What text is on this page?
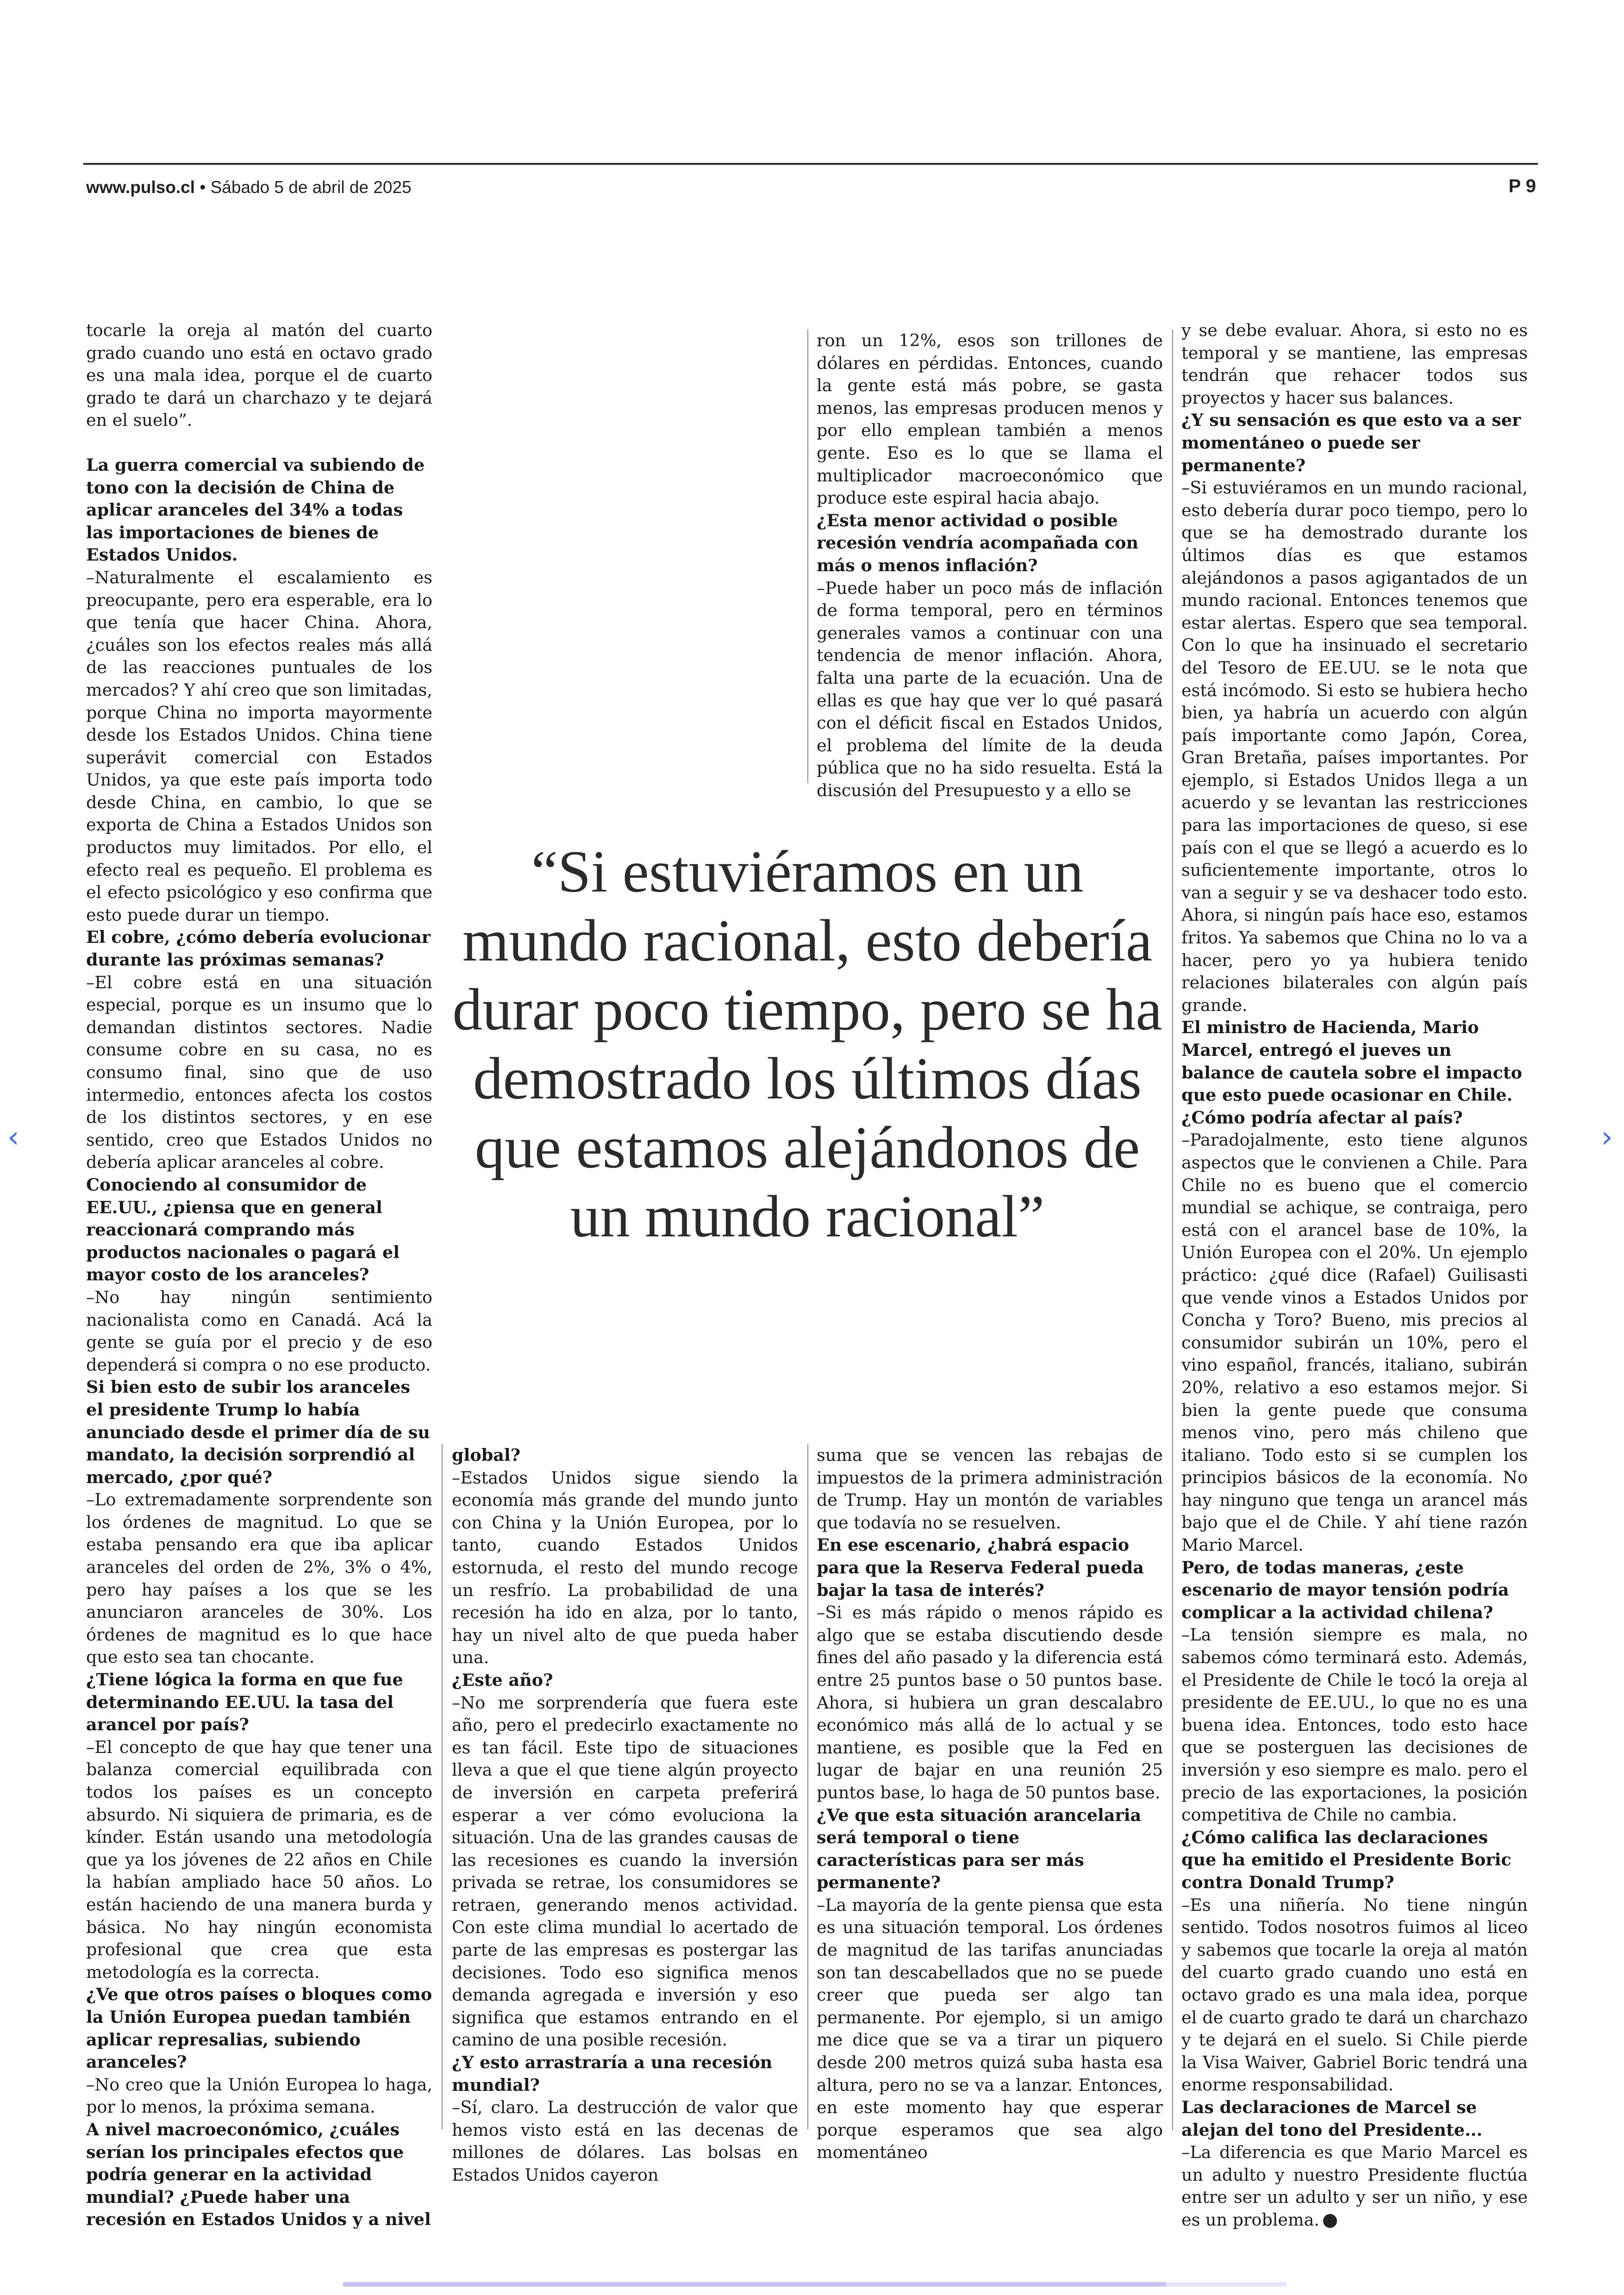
www.pulso.cl • Sábado 5 de abril de 2025	P 9

tocarle la oreja al matón del cuarto grado cuando uno está en octavo grado es una mala idea, porque el de cuarto grado te dará un charchazo y te dejará en el suelo”.

La guerra comercial va subiendo de tono con la decisión de China de aplicar aranceles del 34% a todas las importaciones de bienes de Estados Unidos.

–Naturalmente el escalamiento es preocupante, pero era esperable, era lo que tenía que hacer China. Ahora, ¿cuáles son los efectos reales más allá de las reacciones puntuales de los mercados? Y ahí creo que son limitadas, porque China no importa mayormente desde los Estados Unidos. China tiene superávit comercial con Estados Unidos, ya que este país importa todo desde China, en cambio, lo que se exporta de China a Estados Unidos son productos muy limitados. Por ello, el efecto real es pequeño. El problema es el efecto psicológico y eso confirma que esto puede durar un tiempo.

El cobre, ¿cómo debería evolucionar durante las próximas semanas?

–El cobre está en una situación especial, porque es un insumo que lo demandan distintos sectores. Nadie consume cobre en su casa, no es consumo final, sino que de uso intermedio, entonces afecta los costos de los distintos sectores, y en ese sentido, creo que Estados Unidos no debería aplicar aranceles al cobre.

Conociendo al consumidor de EE.UU., ¿piensa que en general reaccionará comprando más productos nacionales o pagará el mayor costo de los aranceles?

–No hay ningún sentimiento nacionalista como en Canadá. Acá la gente se guía por el precio y de eso dependerá si compra o no ese producto.

Si bien esto de subir los aranceles el presidente Trump lo había anunciado desde el primer día de su mandato, la decisión sorprendió al mercado, ¿por qué?

–Lo extremadamente sorprendente son los órdenes de magnitud. Lo que se estaba pensando era que iba aplicar aranceles del orden de 2%, 3% o 4%, pero hay países a los que se les anunciaron aranceles de 30%. Los órdenes de magnitud es lo que hace que esto sea tan chocante.

¿Tiene lógica la forma en que fue determinando EE.UU. la tasa del arancel por país?

–El concepto de que hay que tener una balanza comercial equilibrada con todos los países es un concepto absurdo. Ni siquiera de primaria, es de kínder. Están usando una metodología que ya los jóvenes de 22 años en Chile la habían ampliado hace 50 años. Lo están haciendo de una manera burda y básica. No hay ningún economista profesional que crea que esta metodología es la correcta.

¿Ve que otros países o bloques como la Unión Europea puedan también aplicar represalias, subiendo aranceles?

–No creo que la Unión Europea lo haga, por lo menos, la próxima semana.

A nivel macroeconómico, ¿cuáles serían los principales efectos que podría generar en la actividad mundial? ¿Puede haber una recesión en Estados Unidos y a nivel

global?

–Estados Unidos sigue siendo la economía más grande del mundo junto con China y la Unión Europea, por lo tanto, cuando Estados Unidos estornuda, el resto del mundo recoge un resfrío. La probabilidad de una recesión ha ido en alza, por lo tanto, hay un nivel alto de que pueda haber una.

¿Este año?

–No me sorprendería que fuera este año, pero el predecirlo exactamente no es tan fácil. Este tipo de situaciones lleva a que el que tiene algún proyecto de inversión en carpeta preferirá esperar a ver cómo evoluciona la situación. Una de las grandes causas de las recesiones es cuando la inversión privada se retrae, los consumidores se retraen, generando menos actividad. Con este clima mundial lo acertado de parte de las empresas es postergar las decisiones. Todo eso significa menos demanda agregada e inversión y eso significa que estamos entrando en el camino de una posible recesión.

¿Y esto arrastraría a una recesión mundial?

–Sí, claro. La destrucción de valor que hemos visto está en las decenas de millones de dólares. Las bolsas en Estados Unidos cayeron

ron un 12%, esos son trillones de dólares en pérdidas. Entonces, cuando la gente está más pobre, se gasta menos, las empresas producen menos y por ello emplean también a menos gente. Eso es lo que se llama el multiplicador macroeconómico que produce este espiral hacia abajo.

¿Esta menor actividad o posible recesión vendría acompañada con más o menos inflación?

–Puede haber un poco más de inflación de forma temporal, pero en términos generales vamos a continuar con una tendencia de menor inflación. Ahora, falta una parte de la ecuación. Una de ellas es que hay que ver lo qué pasará con el déficit fiscal en Estados Unidos, el problema del límite de la deuda pública que no ha sido resuelta. Está la discusión del Presupuesto y a ello se

suma que se vencen las rebajas de impuestos de la primera administración de Trump. Hay un montón de variables que todavía no se resuelven.

En ese escenario, ¿habrá espacio para que la Reserva Federal pueda bajar la tasa de interés?

–Si es más rápido o menos rápido es algo que se estaba discutiendo desde fines del año pasado y la diferencia está entre 25 puntos base o 50 puntos base. Ahora, si hubiera un gran descalabro económico más allá de lo actual y se mantiene, es posible que la Fed en lugar de bajar en una reunión 25 puntos base, lo haga de 50 puntos base.

¿Ve que esta situación arancelaria será temporal o tiene características para ser más permanente?

–La mayoría de la gente piensa que esta es una situación temporal. Los órdenes de magnitud de las tarifas anunciadas son tan descabellados que no se puede creer que pueda ser algo tan permanente. Por ejemplo, si un amigo me dice que se va a tirar un piquero desde 200 metros quizá suba hasta esa altura, pero no se va a lanzar. Entonces, en este momento hay que esperar porque esperamos que sea algo momentáneo

y se debe evaluar. Ahora, si esto no es temporal y se mantiene, las empresas tendrán que rehacer todos sus proyectos y hacer sus balances.

¿Y su sensación es que esto va a ser momentáneo o puede ser permanente?

–Si estuviéramos en un mundo racional, esto debería durar poco tiempo, pero lo que se ha demostrado durante los últimos días es que estamos alejándonos a pasos agigantados de un mundo racional. Entonces tenemos que estar alertas. Espero que sea temporal. Con lo que ha insinuado el secretario del Tesoro de EE.UU. se le nota que está incómodo. Si esto se hubiera hecho bien, ya habría un acuerdo con algún país importante como Japón, Corea, Gran Bretaña, países importantes. Por ejemplo, si Estados Unidos llega a un acuerdo y se levantan las restricciones para las importaciones de queso, si ese país con el que se llegó a acuerdo es lo suficientemente importante, otros lo van a seguir y se va deshacer todo esto. Ahora, si ningún país hace eso, estamos fritos. Ya sabemos que China no lo va a hacer, pero yo ya hubiera tenido relaciones bilaterales con algún país grande.

El ministro de Hacienda, Mario Marcel, entregó el jueves un balance de cautela sobre el impacto que esto puede ocasionar en Chile. ¿Cómo podría afectar al país?

–Paradojalmente, esto tiene algunos aspectos que le convienen a Chile. Para Chile no es bueno que el comercio mundial se achique, se contraiga, pero está con el arancel base de 10%, la Unión Europea con el 20%. Un ejemplo práctico: ¿qué dice (Rafael) Guilisasti que vende vinos a Estados Unidos por Concha y Toro? Bueno, mis precios al consumidor subirán un 10%, pero el vino español, francés, italiano, subirán 20%, relativo a eso estamos mejor. Si bien la gente puede que consuma menos vino, pero más chileno que italiano. Todo esto si se cumplen los principios básicos de la economía. No hay ninguno que tenga un arancel más bajo que el de Chile. Y ahí tiene razón Mario Marcel.

Pero, de todas maneras, ¿este escenario de mayor tensión podría complicar a la actividad chilena?

–La tensión siempre es mala, no sabemos cómo terminará esto. Además, el Presidente de Chile le tocó la oreja al presidente de EE.UU., lo que no es una buena idea. Entonces, todo esto hace que se posterguen las decisiones de inversión y eso siempre es malo. pero el precio de las exportaciones, la posición competitiva de Chile no cambia.

¿Cómo califica las declaraciones que ha emitido el Presidente Boric contra Donald Trump?

–Es una niñería. No tiene ningún sentido. Todos nosotros fuimos al liceo y sabemos que tocarle la oreja al matón del cuarto grado cuando uno está en octavo grado es una mala idea, porque el de cuarto grado te dará un charchazo y te dejará en el suelo. Si Chile pierde la Visa Waiver, Gabriel Boric tendrá una enorme responsabilidad.

Las declaraciones de Marcel se alejan del tono del Presidente...

–La diferencia es que Mario Marcel es un adulto y nuestro Presidente fluctúa entre ser un adulto y ser un niño, y ese es un problema.

“Si estuviéramos en un mundo racional, esto debería durar poco tiempo, pero se ha demostrado los últimos días que estamos alejándonos de un mundo racional”
‹	›
